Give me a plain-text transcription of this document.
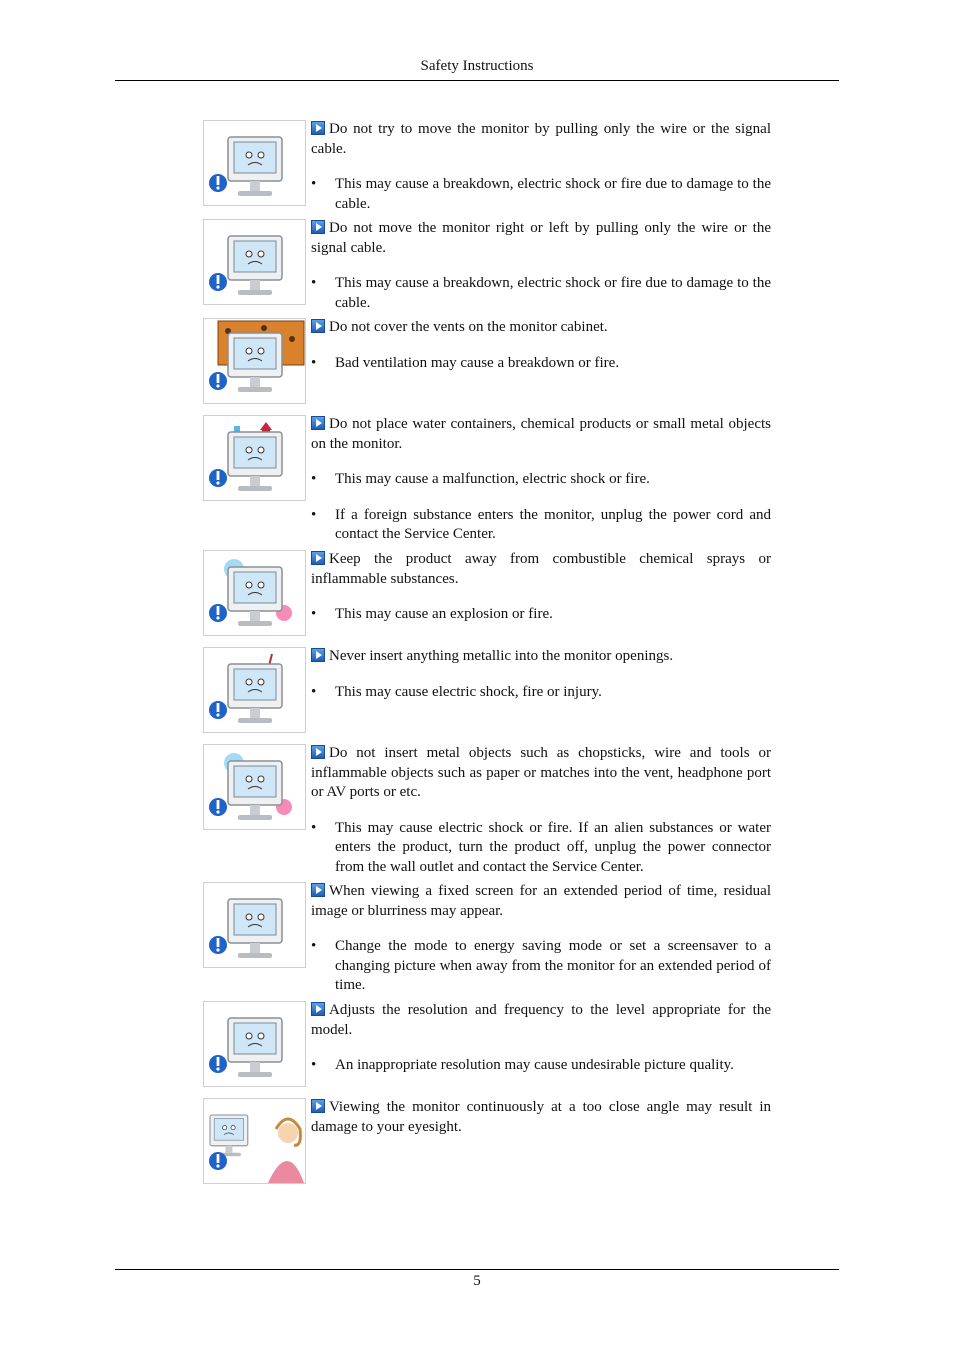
Safety Instructions

Do not try to move the monitor by pulling only the wire or the signal cable.

• This may cause a breakdown, electric shock or fire due to damage to the cable.

Do not move the monitor right or left by pulling only the wire or the signal cable.

• This may cause a breakdown, electric shock or fire due to damage to the cable.

Do not cover the vents on the monitor cabinet.

• Bad ventilation may cause a breakdown or fire.

Do not place water containers, chemical products or small metal objects on the monitor.

• This may cause a malfunction, electric shock or fire.
• If a foreign substance enters the monitor, unplug the power cord and contact the Service Center.

Keep the product away from combustible chemical sprays or inflammable substances.

• This may cause an explosion or fire.

Never insert anything metallic into the monitor openings.

• This may cause electric shock, fire or injury.

Do not insert metal objects such as chopsticks, wire and tools or inflammable objects such as paper or matches into the vent, headphone port or AV ports or etc.

• This may cause electric shock or fire. If an alien substances or water enters the product, turn the product off, unplug the power connector from the wall outlet and contact the Service Center.

When viewing a fixed screen for an extended period of time, residual image or blurriness may appear.

• Change the mode to energy saving mode or set a screensaver to a changing picture when away from the monitor for an extended period of time.

Adjusts the resolution and frequency to the level appropriate for the model.

• An inappropriate resolution may cause undesirable picture quality.

Viewing the monitor continuously at a too close angle may result in damage to your eyesight.

5
